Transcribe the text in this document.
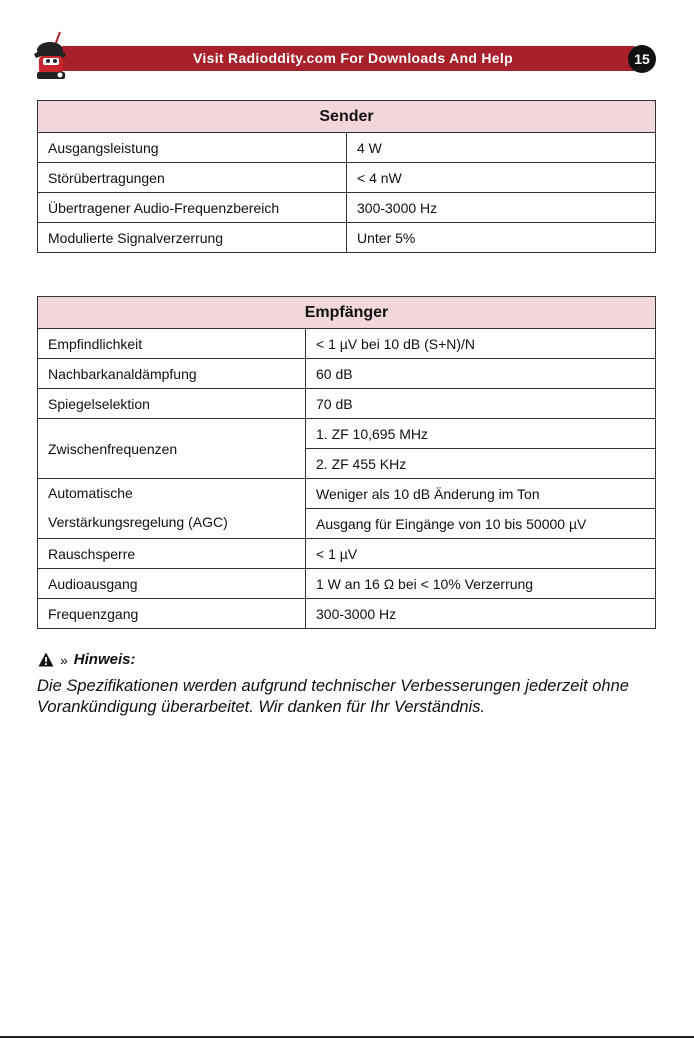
Visit Radioddity.com For Downloads And Help	15
Sender	
Ausgangsleistung	4 W
Störübertragungen	< 4 nW
Übertragener Audio-Frequenzbereich	300-3000 Hz
Modulierte Signalverzerrung	Unter 5%
Empfänger	
Empfindlichkeit	< 1 µV bei 10 dB (S+N)/N
Nachbarkanaldämpfung	60 dB
Spiegelselektion	70 dB
Zwischenfrequenzen	1. ZF 10,695 MHz
	2. ZF 455 KHz

Automatische
Verstärkungsregelung (AGC)	Weniger als 10 dB Änderung im Ton
	Ausgang für Eingänge von 10 bis 50000 µV
Rauschsperre	< 1 µV
Audioausgang	1 W an 16 Ω bei < 10% Verzerrung
Frequenzgang	300-3000 Hz
» Hinweis:
Die Spezifikationen werden aufgrund technischer Verbesserungen jederzeit ohne Vorankündigung überarbeitet. Wir danken für Ihr Verständnis.
